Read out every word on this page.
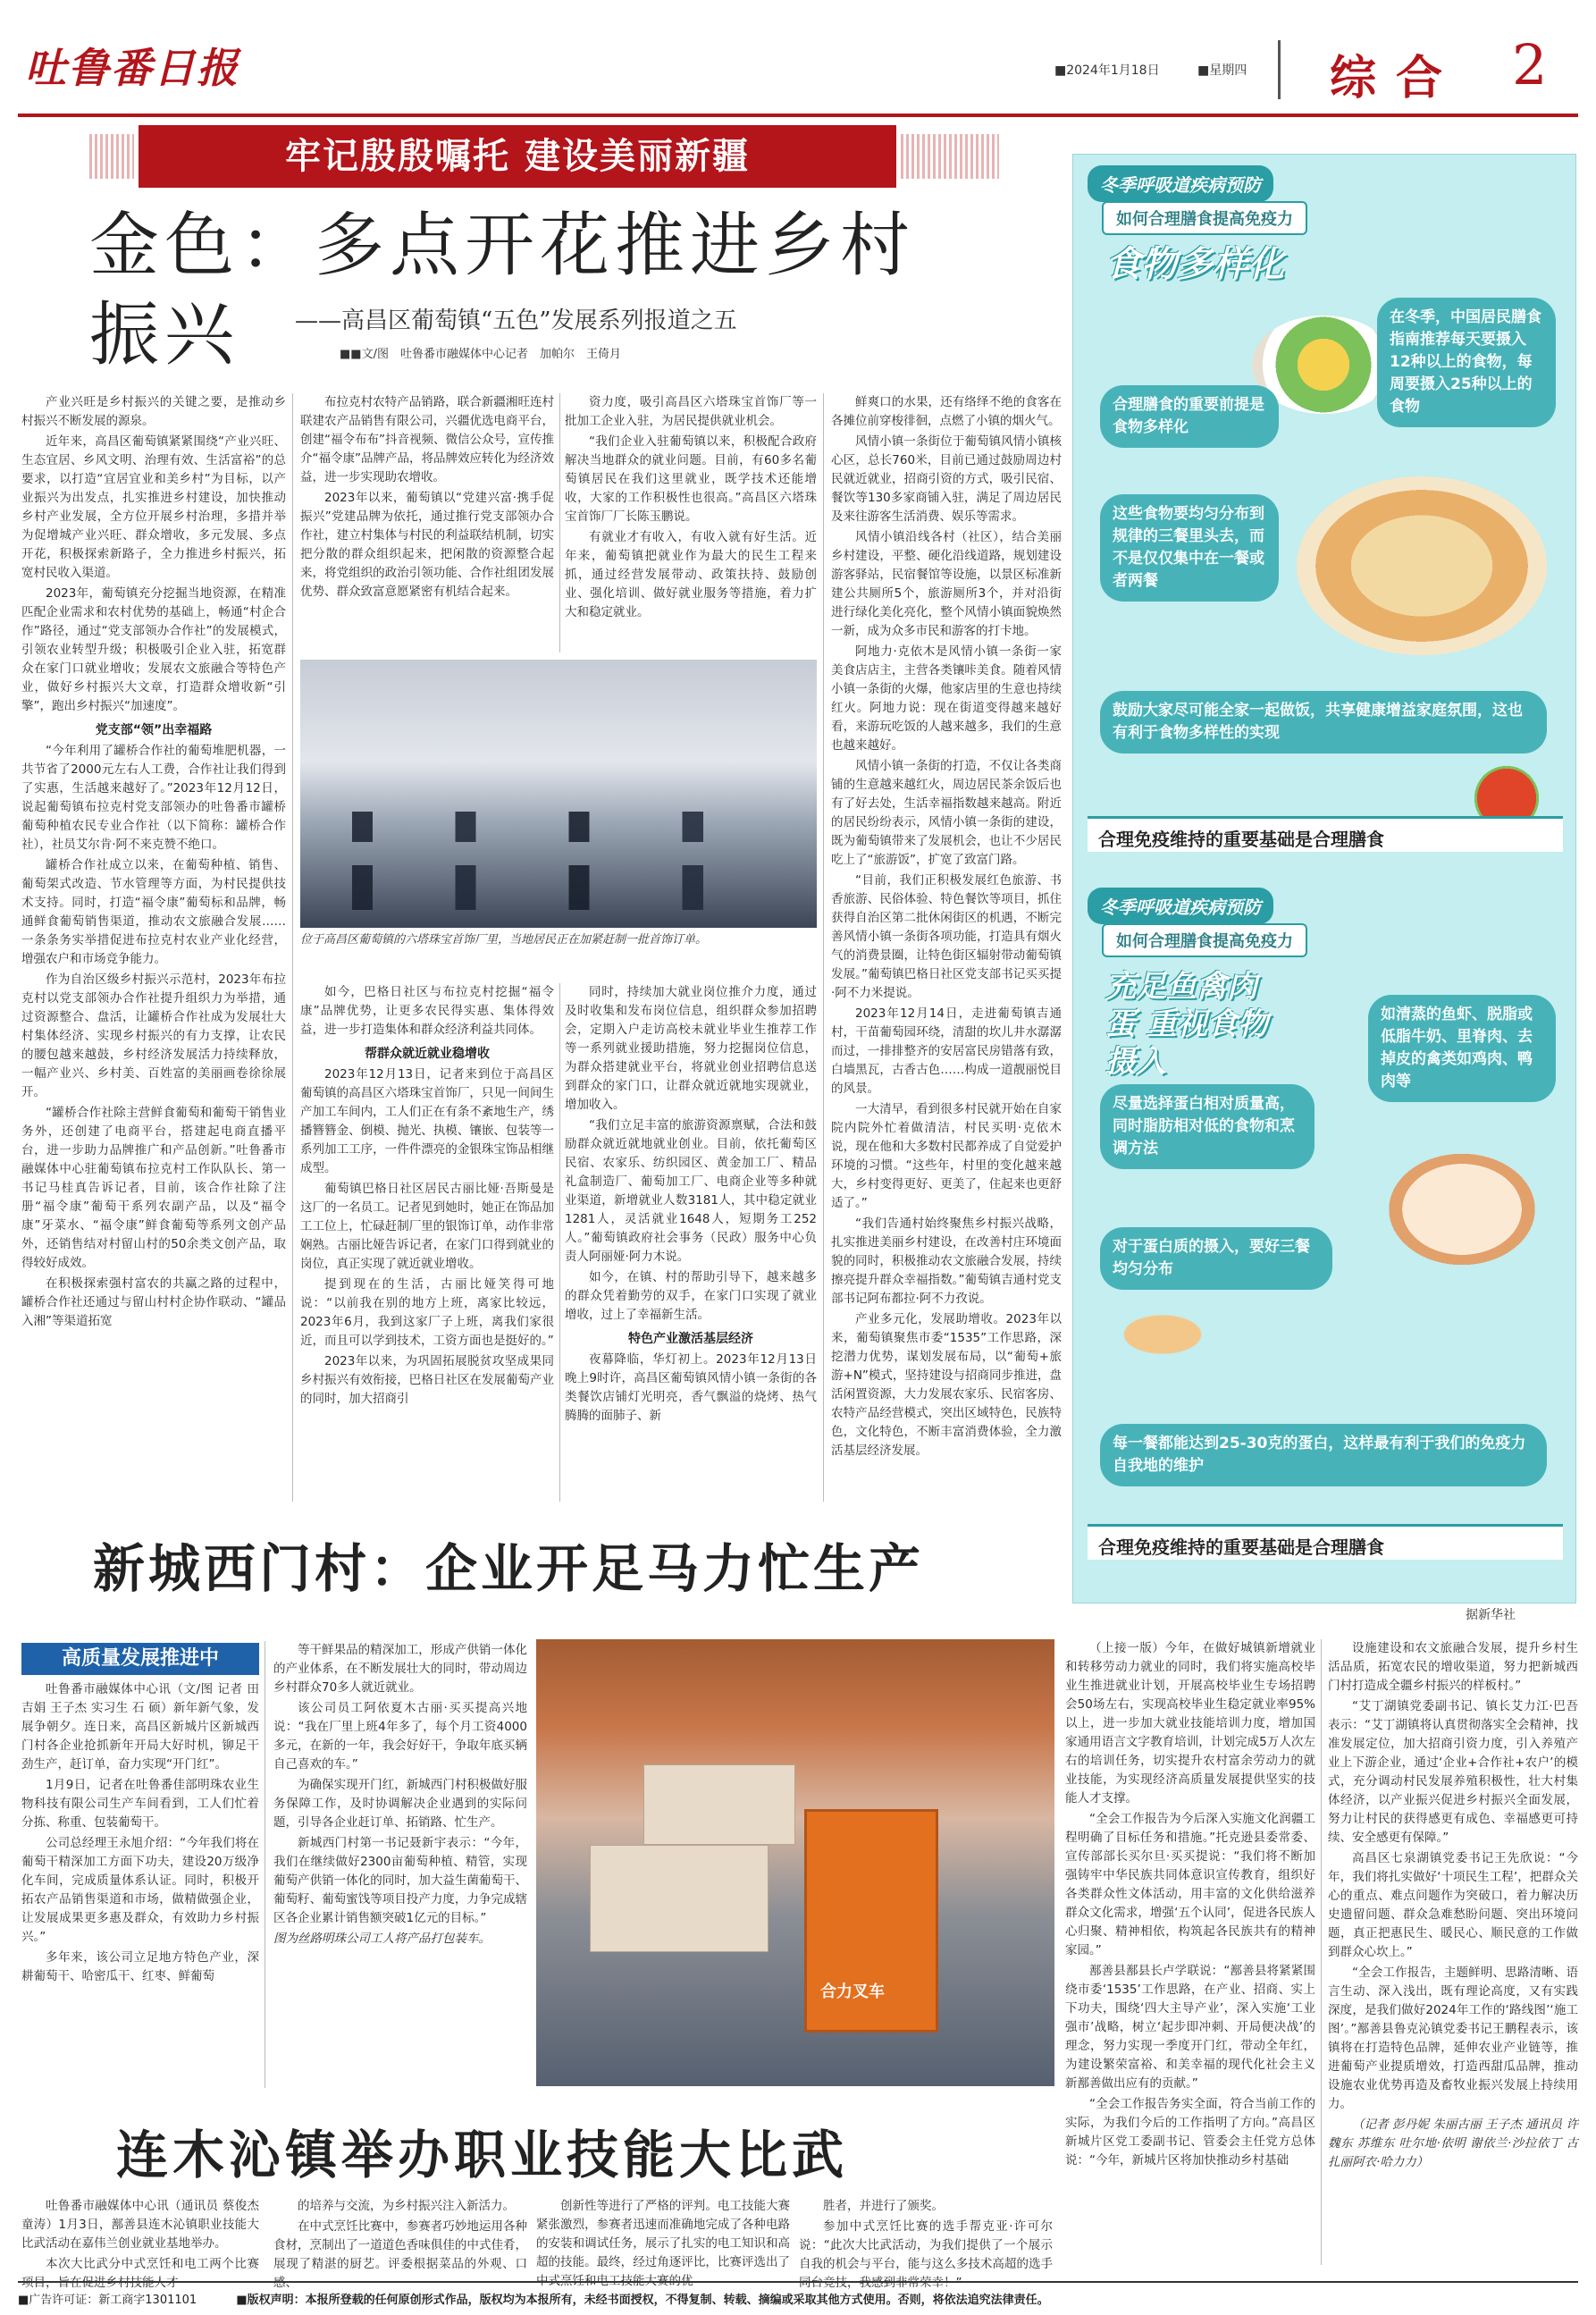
吐鲁番日报	■2024年1月18日	■星期四 综合 2
牢记殷殷嘱托 建设美丽新疆
金色：多点开花推进乡村振兴	——高昌区葡萄镇“五色”发展系列报道之五
■■文/图　吐鲁番市融媒体中心记者　加帕尔　王倚月

产业兴旺是乡村振兴的关键之要，是推动乡村振兴不断发展的源泉。

近年来，高昌区葡萄镇紧紧围绕“产业兴旺、生态宜居、乡风文明、治理有效、生活富裕”的总要求，以打造“宜居宜业和美乡村”为目标，以产业振兴为出发点，扎实推进乡村建设，加快推动乡村产业发展，全方位开展乡村治理，多措并举为促增城产业兴旺、群众增收，多元发展、多点开花，积极探索新路子，全力推进乡村振兴，拓宽村民收入渠道。

2023年，葡萄镇充分挖掘当地资源，在精准匹配企业需求和农村优势的基础上，畅通“村企合作”路径，通过“党支部领办合作社”的发展模式，引领农业转型升级；积极吸引企业入驻，拓宽群众在家门口就业增收；发展农文旅融合等特色产业，做好乡村振兴大文章，打造群众增收新“引擎”，跑出乡村振兴“加速度”。

党支部“领”出幸福路

“今年利用了罐桥合作社的葡萄堆肥机器，一共节省了2000元左右人工费，合作社让我们得到了实惠，生活越来越好了。”2023年12月12日，说起葡萄镇布拉克村党支部领办的吐鲁番市罐桥葡萄种植农民专业合作社（以下简称：罐桥合作社），社员艾尔肯·阿不来克赞不绝口。

罐桥合作社成立以来，在葡萄种植、销售、葡萄架式改造、节水管理等方面，为村民提供技术支持。同时，打造“福令康”葡萄标和品牌，畅通鲜食葡萄销售渠道，推动农文旅融合发展……一条条务实举措促进布拉克村农业产业化经营，增强农户和市场竞争能力。

作为自治区级乡村振兴示范村，2023年布拉克村以党支部领办合作社提升组织力为举措，通过资源整合、盘活，让罐桥合作社成为发展壮大村集体经济、实现乡村振兴的有力支撑，让农民的腰包越来越鼓，乡村经济发展活力持续释放，一幅产业兴、乡村美、百姓富的美丽画卷徐徐展开。

“罐桥合作社除主营鲜食葡萄和葡萄干销售业务外，还创建了电商平台，搭建起电商直播平台，进一步助力品牌推广和产品创新。”吐鲁番市融媒体中心驻葡萄镇布拉克村工作队队长、第一书记马桂真告诉记者，目前，该合作社除了注册“福令康”葡萄干系列农副产品，以及“福令康”牙菜水、“福令康”鲜食葡萄等系列文创产品外，还销售结对村留山村的50余类文创产品，取得较好成效。

在积极探索强村富农的共赢之路的过程中，罐桥合作社还通过与留山村村企协作联动、“罐品入湘”等渠道拓宽

布拉克村农特产品销路，联合新疆湘旺连村联建农产品销售有限公司，兴疆优选电商平台，创建“福令布布”抖音视频、微信公众号，宣传推介“福令康”品牌产品，将品牌效应转化为经济效益，进一步实现助农增收。

2023年以来，葡萄镇以“党建兴富·携手促振兴”党建品牌为依托，通过推行党支部领办合作社，建立村集体与村民的利益联结机制，切实把分散的群众组织起来，把闲散的资源整合起来，将党组织的政治引领功能、合作社组团发展优势、群众致富意愿紧密有机结合起来。

资力度，吸引高昌区六塔珠宝首饰厂等一批加工企业入驻，为居民提供就业机会。

“我们企业入驻葡萄镇以来，积极配合政府解决当地群众的就业问题。目前，有60多名葡萄镇居民在我们这里就业，既学技术还能增收，大家的工作积极性也很高。”高昌区六塔珠宝首饰厂厂长陈玉鹏说。

有就业才有收入，有收入就有好生活。近年来，葡萄镇把就业作为最大的民生工程来抓，通过经营发展带动、政策扶持、鼓励创业、强化培训、做好就业服务等措施，着力扩大和稳定就业。

位于高昌区葡萄镇的六塔珠宝首饰厂里，当地居民正在加紧赶制一批首饰订单。

如今，巴格日社区与布拉克村挖掘“福令康”品牌优势，让更多农民得实惠、集体得效益，进一步打造集体和群众经济利益共同体。

帮群众就近就业稳增收

2023年12月13日，记者来到位于高昌区葡萄镇的高昌区六塔珠宝首饰厂，只见一间间生产加工车间内，工人们正在有条不紊地生产，绣播簪簪金、倒模、抛光、执模、镶嵌、包装等一系列加工工序，一件件漂亮的金银珠宝饰品相继成型。

葡萄镇巴格日社区居民古丽比娅·吾斯曼是这厂的一名员工。记者见到她时，她正在饰品加工工位上，忙碌赶制厂里的银饰订单，动作非常娴熟。古丽比娅告诉记者，在家门口得到就业的岗位，真正实现了就近就业增收。

提到现在的生活，古丽比娅笑得可地说：“以前我在别的地方上班，离家比较远，2023年6月，我到这家厂子上班，离我们家很近，而且可以学到技术，工资方面也是挺好的。”

2023年以来，为巩固拓展脱贫攻坚成果同乡村振兴有效衔接，巴格日社区在发展葡萄产业的同时，加大招商引

同时，持续加大就业岗位推介力度，通过及时收集和发布岗位信息，组织群众参加招聘会，定期入户走访高校未就业毕业生推荐工作等一系列就业援助措施，努力挖掘岗位信息，为群众搭建就业平台，将就业创业招聘信息送到群众的家门口，让群众就近就地实现就业，增加收入。

“我们立足丰富的旅游资源禀赋，合法和鼓励群众就近就地就业创业。目前，依托葡萄区民宿、农家乐、纺织园区、黄金加工厂、精品礼盒制造厂、葡萄加工厂、电商企业等多种就业渠道，新增就业人数3181人，其中稳定就业1281人，灵活就业1648人，短期务工252人。”葡萄镇政府社会事务（民政）服务中心负责人阿丽娅·阿力木说。

如今，在镇、村的帮助引导下，越来越多的群众凭着勤劳的双手，在家门口实现了就业增收，过上了幸福新生活。

特色产业激活基层经济

夜幕降临，华灯初上。2023年12月13日晚上9时许，高昌区葡萄镇风情小镇一条街的各类餐饮店铺灯光明亮，香气飘溢的烧烤、热气腾腾的面肺子、新

鲜爽口的水果，还有络绎不绝的食客在各摊位前穿梭徘徊，点燃了小镇的烟火气。

风情小镇一条街位于葡萄镇风情小镇核心区，总长760米，目前已通过鼓励周边村民就近就业，招商引资的方式，吸引民宿、餐饮等130多家商铺入驻，满足了周边居民及来往游客生活消费、娱乐等需求。

风情小镇沿线各村（社区），结合美丽乡村建设，平整、硬化沿线道路，规划建设游客驿站，民宿餐馆等设施，以景区标准新建公共厕所5个，旅游厕所3个，并对沿街进行绿化美化亮化，整个风情小镇面貌焕然一新，成为众多市民和游客的打卡地。

阿地力·克依木是风情小镇一条街一家美食店店主，主营各类镶咔美食。随着风情小镇一条街的火爆，他家店里的生意也持续红火。阿地力说：现在街道变得越来越好看，来游玩吃饭的人越来越多，我们的生意也越来越好。

风情小镇一条街的打造，不仅让各类商铺的生意越来越红火，周边居民茶余饭后也有了好去处，生活幸福指数越来越高。附近的居民纷纷表示，风情小镇一条街的建设，既为葡萄镇带来了发展机会，也让不少居民吃上了“旅游饭”，扩宽了致富门路。

“目前，我们正积极发展红色旅游、书香旅游、民俗体验、特色餐饮等项目，抓住获得自治区第二批休闲街区的机遇，不断完善风情小镇一条街各项功能，打造具有烟火气的消费景圈，让特色街区辐射带动葡萄镇发展。”葡萄镇巴格日社区党支部书记买买提·阿不力米提说。

2023年12月14日，走进葡萄镇吉通村，干苗葡萄园环绕，清甜的坎儿井水潺潺而过，一排排整齐的安居富民房错落有致，白墙黑瓦，古香古色……构成一道靓丽悦目的风景。

一大清早，看到很多村民就开始在自家院内院外忙着做清洁，村民买明·克依木说，现在他和大多数村民都养成了自觉爱护环境的习惯。“这些年，村里的变化越来越大，乡村变得更好、更美了，住起来也更舒适了。”

“我们告通村始终聚焦乡村振兴战略，扎实推进美丽乡村建设，在改善村庄环境面貌的同时，积极推动农文旅融合发展，持续擦亮提升群众幸福指数。”葡萄镇吉通村党支部书记阿布都拉·阿不力孜说。

产业多元化，发展助增收。2023年以来，葡萄镇聚焦市委“1535”工作思路，深挖潜力优势，谋划发展布局，以“葡萄+旅游+N”模式，坚持建设与招商同步推进，盘活闲置资源，大力发展农家乐、民宿客房、农特产品经营模式，突出区域特色，民族特色，文化特色，不断丰富消费体验，全力激活基层经济发展。

冬季呼吸道疾病预防
如何合理膳食提高免疫力
食物多样化
合理膳食的重要前提是食物多样化
在冬季，中国居民膳食指南推荐每天要摄入12种以上的食物，每周要摄入25种以上的食物
这些食物要均匀分布到规律的三餐里头去，而不是仅仅集中在一餐或者两餐
鼓励大家尽可能全家一起做饭，共享健康增益家庭氛围，这也有利于食物多样性的实现
合理免疫维持的重要基础是合理膳食
冬季呼吸道疾病预防
如何合理膳食提高免疫力
充足鱼禽肉蛋 重视食物摄入
尽量选择蛋白相对质量高，同时脂肪相对低的食物和烹调方法
如清蒸的鱼虾、脱脂或低脂牛奶、里脊肉、去掉皮的禽类如鸡肉、鸭肉等
对于蛋白质的摄入，要好三餐均匀分布
每一餐都能达到25-30克的蛋白，这样最有利于我们的免疫力自我地的维护
合理免疫维持的重要基础是合理膳食
据新华社
新城西门村：企业开足马力忙生产
高质量发展推进中

吐鲁番市融媒体中心讯（文/图 记者 田吉娟 王子杰 实习生 石 硕）新年新气象，发展争朝夕。连日来，高昌区新城片区新城西门村各企业抢抓新年开局大好时机，铆足干劲生产，赶订单，奋力实现“开门红”。

1月9日，记者在吐鲁番佳部明珠农业生物科技有限公司生产车间看到，工人们忙着分拣、称重、包装葡萄干。

公司总经理王永旭介绍：“今年我们将在葡萄干精深加工方面下功夫，建设20万级净化车间，完成质量体系认证。同时，积极开拓农产品销售渠道和市场，做精做强企业，让发展成果更多惠及群众，有效助力乡村振兴。”

多年来，该公司立足地方特色产业，深耕葡萄干、哈密瓜干、红枣、鲜葡萄

等干鲜果品的精深加工，形成产供销一体化的产业体系，在不断发展壮大的同时，带动周边乡村群众70多人就近就业。

该公司员工阿依夏木古丽·买买提高兴地说：“我在厂里上班4年多了，每个月工资4000多元，在新的一年，我会好好干，争取年底买辆自己喜欢的车。”

为确保实现开门红，新城西门村积极做好服务保障工作，及时协调解决企业遇到的实际问题，引导各企业赶订单、拓销路、忙生产。

新城西门村第一书记聂新宇表示：“今年，我们在继续做好2300亩葡萄种植、精管，实现葡萄产供销一体化的同时，加大益生菌葡萄干、葡萄籽、葡萄蜜饯等项目投产力度，力争完成辖区各企业累计销售额突破1亿元的目标。”

图为丝路明珠公司工人将产品打包装车。

合力叉车

（上接一版）今年，在做好城镇新增就业和转移劳动力就业的同时，我们将实施高校毕业生推进就业计划，开展高校毕业生专场招聘会50场左右，实现高校毕业生稳定就业率95%以上，进一步加大就业技能培训力度，增加国家通用语言文字教育培训，计划完成5万人次左右的培训任务，切实提升农村富余劳动力的就业技能，为实现经济高质量发展提供坚实的技能人才支撑。

“全会工作报告为今后深入实施文化润疆工程明确了目标任务和措施。”托克逊县委常委、宣传部部长买尔旦·买买提说：“我们将不断加强铸牢中华民族共同体意识宣传教育，组织好各类群众性文体活动，用丰富的文化供给滋养群众文化需求，增强‘五个认同’，促进各民族人心归聚、精神相依，构筑起各民族共有的精神家园。”

鄯善县鄯县长卢学联说：“鄯善县将紧紧围绕市委‘1535’工作思路，在产业、招商、实上下功夫，围绕‘四大主导产业’，深入实施‘工业强市’战略，树立‘起步即冲刺、开局便决战’的理念，努力实现一季度开门红，带动全年红，为建设繁荣富裕、和美幸福的现代化社会主义新鄯善做出应有的贡献。”

“全会工作报告务实全面，符合当前工作的实际，为我们今后的工作指明了方向。”高昌区新城片区党工委副书记、管委会主任党方总体说：“今年，新城片区将加快推动乡村基础

设施建设和农文旅融合发展，提升乡村生活品质，拓宽农民的增收渠道，努力把新城西门村打造成全疆乡村振兴的样板村。”

“艾丁湖镇党委副书记、镇长艾力江·巴吾表示：“艾丁湖镇将认真贯彻落实全会精神，找准发展定位，加大招商引资力度，引入养殖产业上下游企业，通过‘企业+合作社+农户’的模式，充分调动村民发展养殖积极性，壮大村集体经济，以产业振兴促进乡村振兴全面发展，努力让村民的获得感更有成色、幸福感更可持续、安全感更有保障。”

高昌区七泉湖镇党委书记王先欣说：“今年，我们将扎实做好‘十项民生工程’，把群众关心的重点、难点问题作为突破口，着力解决历史遗留问题、群众急难愁盼问题、突出环境问题，真正把惠民生、暖民心、顺民意的工作做到群众心坎上。”

“全会工作报告，主题鲜明、思路清晰、语言生动、深入浅出，既有理论高度，又有实践深度，是我们做好2024年工作的‘路线图’‘施工图’。”鄯善县鲁克沁镇党委书记王鹏程表示，该镇将在打造特色品牌，延伸农业产业链等，推进葡萄产业提质增效，打造西甜瓜品牌，推动设施农业优势再造及畜牧业振兴发展上持续用力。

（记者 彭丹妮 朱丽古丽 王子杰 通讯员 许魏东 苏维东 吐尔地·依明 谢依兰·沙拉依丁 古扎丽阿衣·哈力力）

连木沁镇举办职业技能大比武

吐鲁番市融媒体中心讯（通讯员 蔡俊杰 童涛）1月3日，鄯善县连木沁镇职业技能大比武活动在嘉伟兰创业就业基地举办。

本次大比武分中式烹饪和电工两个比赛项目，旨在促进乡村技能人才

的培养与交流，为乡村振兴注入新活力。

在中式烹饪比赛中，参赛者巧妙地运用各种食材，烹制出了一道道色香味俱佳的中式佳肴，展现了精湛的厨艺。评委根据菜品的外观、口感、

创新性等进行了严格的评判。电工技能大赛紧张激烈，参赛者迅速而准确地完成了各种电路的安装和调试任务，展示了扎实的电工知识和高超的技能。最终，经过角逐评比，比赛评选出了中式烹饪和电工技能大赛的优

胜者，并进行了颁奖。

参加中式烹饪比赛的选手帮克亚·许可尔说：“此次大比武活动，为我们提供了一个展示自我的机会与平台，能与这么多技术高超的选手同台竞技，我感到非常荣幸！”

■广告许可证：新工商字1301101	■版权声明：本报所登载的任何原创形式作品，版权均为本报所有，未经书面授权，不得复制、转载、摘编或采取其他方式使用。否则，将依法追究法律责任。
